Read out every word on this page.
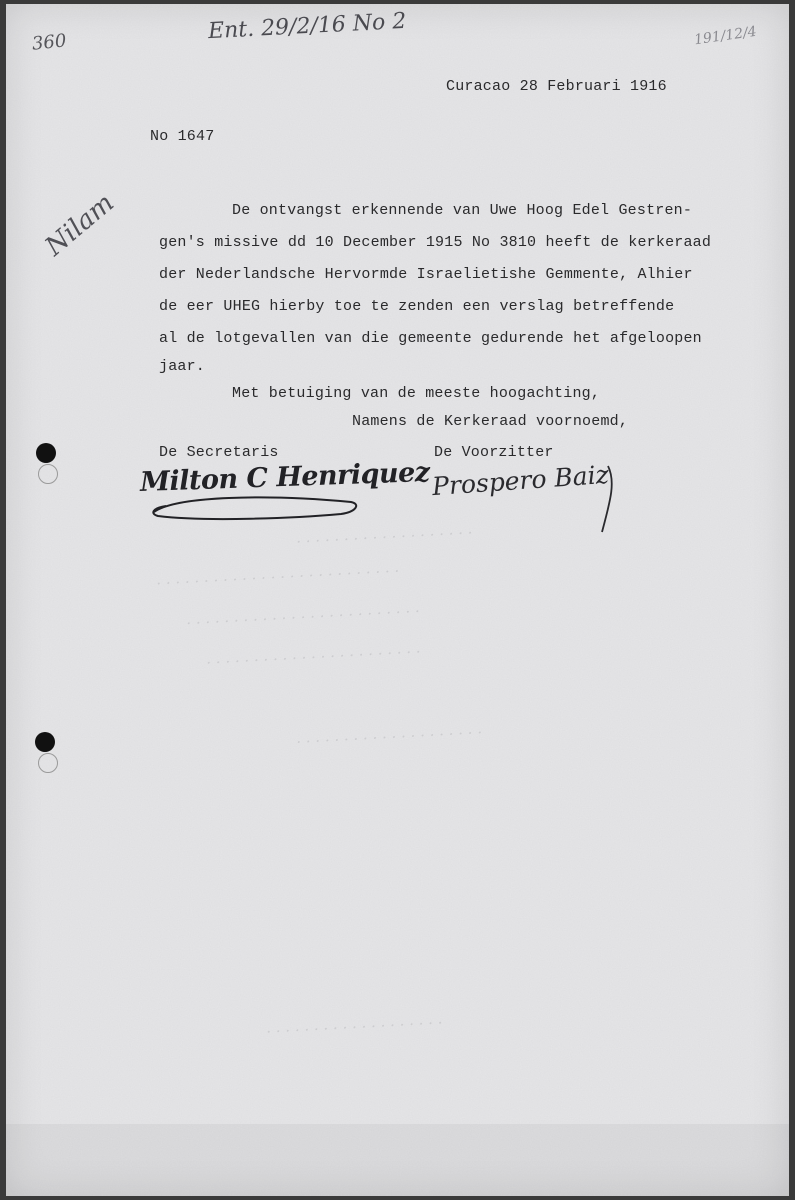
. . . . . . . . . . . . . . . . . . .
. . . . . . . . . . . . . . . . . . . . . . . . . .
. . . . . . . . . . . . . . . . . . . . . . . . .
. . . . . . . . . . . . . . . . . . . . . . .
. . . . . . . . . . . . . . . . . . . .
. . . . . . . . . . . . . . . . . . .
360	Ent. 29/2/16 No 2	191/12/4
Nilam
Curacao 28 Februari 1916
No 1647
De ontvangst erkennende van Uwe Hoog Edel Gestren-
gen's missive dd 10 December 1915 No 3810 heeft de kerkeraad
der Nederlandsche Hervormde Israelietishe Gemmente, Alhier
de eer UHEG hierby toe te zenden een verslag betreffende
al de lotgevallen van die gemeente gedurende het afgeloopen
jaar.
Met betuiging van de meeste hoogachting,
Namens de Kerkeraad voornoemd,
De Secretaris	De Voorzitter
Milton C Henriquez Prospero Baiz
